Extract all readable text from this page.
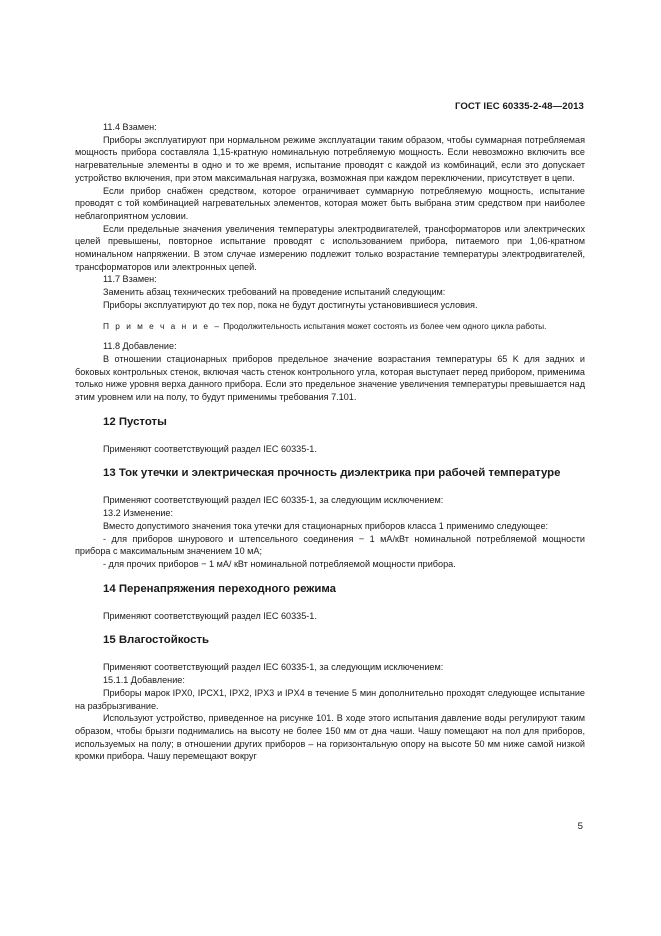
ГОСТ IEC 60335-2-48—2013

11.4 Взамен:

Приборы эксплуатируют при нормальном режиме эксплуатации таким образом, чтобы суммарная потребляемая мощность прибора составляла 1,15-кратную номинальную потребляемую мощность. Если невозможно включить все нагревательные элементы в одно и то же время, испытание проводят с каждой из комбинаций, если это допускает устройство включения, при этом максимальная нагрузка, возможная при каждом переключении, присутствует в цепи.

Если прибор снабжен средством, которое ограничивает суммарную потребляемую мощность, испытание проводят с той комбинацией нагревательных элементов, которая может быть выбрана этим средством при наиболее неблагоприятном условии.

Если предельные значения увеличения температуры электродвигателей, трансформаторов или электрических целей превышены, повторное испытание проводят с использованием прибора, питаемого при 1,06-кратном номинальном напряжении. В этом случае измерению подлежит только возрастание температуры электродвигателей, трансформаторов или электронных цепей.

11.7 Взамен:

Заменить абзац технических требований на проведение испытаний следующим:

Приборы эксплуатируют до тех пор, пока не будут достигнуты установившиеся условия.

П р и м е ч а н и е – Продолжительность испытания может состоять из более чем одного цикла работы.

11.8 Добавление:

В отношении стационарных приборов предельное значение возрастания температуры 65 K для задних и боковых контрольных стенок, включая часть стенок контрольного угла, которая выступает перед прибором, применима только ниже уровня верха данного прибора. Если это предельное значение увеличения температуры превышается над этим уровнем или на полу, то будут применимы требования 7.101.

12 Пустоты

Применяют соответствующий раздел IEC 60335-1.

13 Ток утечки и электрическая прочность диэлектрика при рабочей температуре

Применяют соответствующий раздел IEC 60335-1, за следующим исключением:

13.2 Изменение:

Вместо допустимого значения тока утечки для стационарных приборов класса 1 применимо следующее:

- для приборов шнурового и штепсельного соединения − 1 мА/кВт номинальной потребляемой мощности прибора с максимальным значением 10 мА;

- для прочих приборов − 1 мА/ кВт номинальной потребляемой мощности прибора.

14 Перенапряжения переходного режима

Применяют соответствующий раздел IEC 60335-1.

15 Влагостойкость

Применяют соответствующий раздел IEC 60335-1, за следующим исключением:

15.1.1 Добавление:

Приборы марок IPX0, IPCX1, IPX2, IPX3 и IPX4 в течение 5 мин дополнительно проходят следующее испытание на разбрызгивание.

Используют устройство, приведенное на рисунке 101. В ходе этого испытания давление воды регулируют таким образом, чтобы брызги поднимались на высоту не более 150 мм от дна чаши. Чашу помещают на пол для приборов, используемых на полу; в отношении других приборов – на горизонтальную опору на высоте 50 мм ниже самой низкой кромки прибора. Чашу перемещают вокруг

5
